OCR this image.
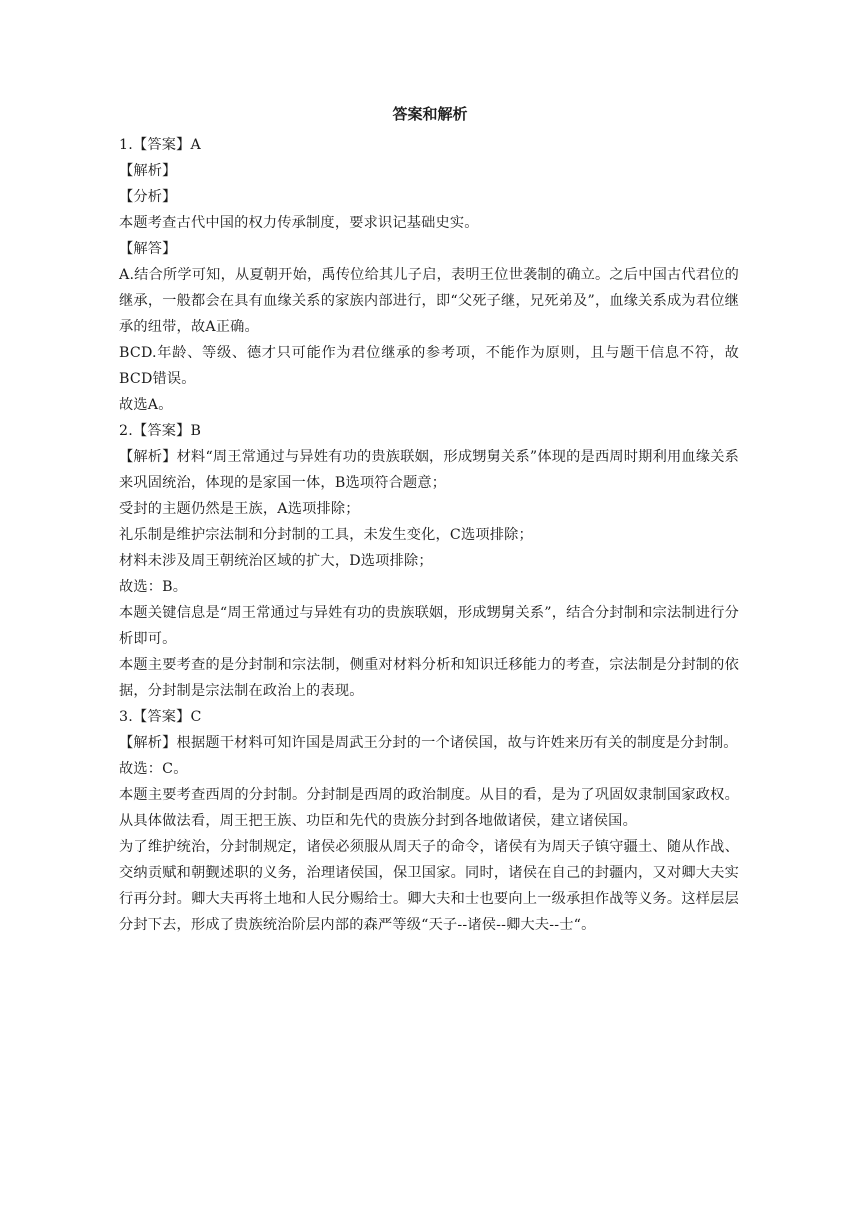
答案和解析

1.【答案】A

【解析】

【分析】

本题考查古代中国的权力传承制度，要求识记基础史实。

【解答】

A.结合所学可知，从夏朝开始，禹传位给其儿子启，表明王位世袭制的确立。之后中国古代君位的继承，一般都会在具有血缘关系的家族内部进行，即“父死子继，兄死弟及”，血缘关系成为君位继承的纽带，故A正确。

BCD.年龄、等级、德才只可能作为君位继承的参考项，不能作为原则，且与题干信息不符，故BCD错误。

故选A。

2.【答案】B

【解析】材料“周王常通过与异姓有功的贵族联姻，形成甥舅关系”体现的是西周时期利用血缘关系来巩固统治，体现的是家国一体，B选项符合题意；

受封的主题仍然是王族，A选项排除；

礼乐制是维护宗法制和分封制的工具，未发生变化，C选项排除；

材料未涉及周王朝统治区域的扩大，D选项排除；

故选：B。

本题关键信息是“周王常通过与异姓有功的贵族联姻，形成甥舅关系”，结合分封制和宗法制进行分析即可。

本题主要考查的是分封制和宗法制，侧重对材料分析和知识迁移能力的考查，宗法制是分封制的依据，分封制是宗法制在政治上的表现。

3.【答案】C

【解析】根据题干材料可知许国是周武王分封的一个诸侯国，故与许姓来历有关的制度是分封制。

故选：C。

本题主要考查西周的分封制。分封制是西周的政治制度。从目的看，是为了巩固奴隶制国家政权。从具体做法看，周王把王族、功臣和先代的贵族分封到各地做诸侯，建立诸侯国。

为了维护统治，分封制规定，诸侯必须服从周天子的命令，诸侯有为周天子镇守疆土、随从作战、交纳贡赋和朝觐述职的义务，治理诸侯国，保卫国家。同时，诸侯在自己的封疆内，又对卿大夫实行再分封。卿大夫再将土地和人民分赐给士。卿大夫和士也要向上一级承担作战等义务。这样层层分封下去，形成了贵族统治阶层内部的森严等级“天子--诸侯--卿大夫--士“。
